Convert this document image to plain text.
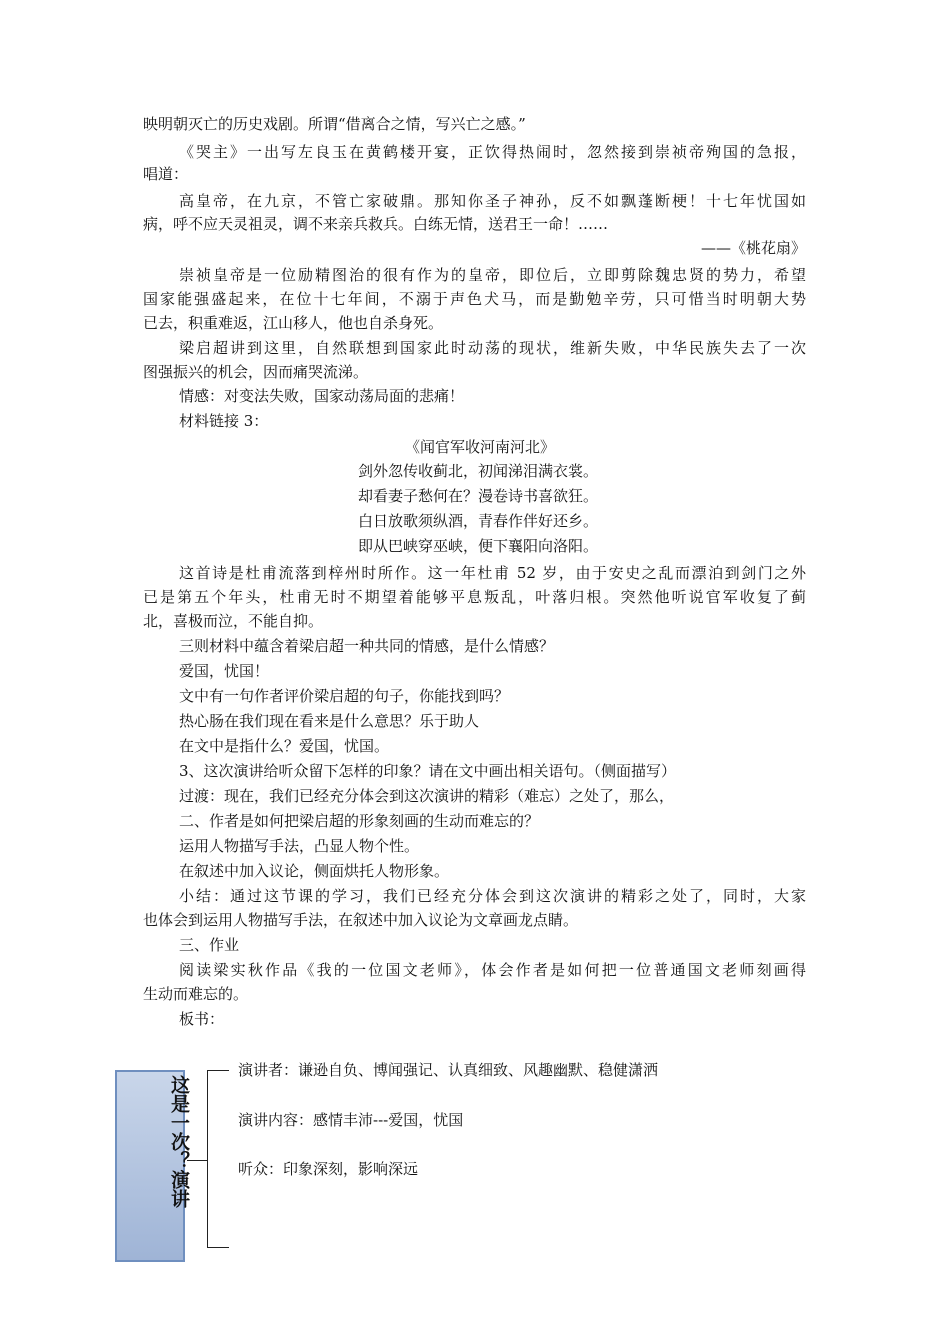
映明朝灭亡的历史戏剧。所谓“借离合之情，写兴亡之感。”
《哭主》一出写左良玉在黄鹤楼开宴，正饮得热闹时，忽然接到崇祯帝殉国的急报，
唱道：
高皇帝，在九京，不管亡家破鼎。那知你圣子神孙，反不如飘蓬断梗！十七年忧国如
病，呼不应天灵祖灵，调不来亲兵救兵。白练无情，送君王一命！……
——《桃花扇》
崇祯皇帝是一位励精图治的很有作为的皇帝，即位后，立即剪除魏忠贤的势力，希望
国家能强盛起来，在位十七年间，不溺于声色犬马，而是勤勉辛劳，只可惜当时明朝大势
已去，积重难返，江山移人，他也自杀身死。
梁启超讲到这里，自然联想到国家此时动荡的现状，维新失败，中华民族失去了一次
图强振兴的机会，因而痛哭流涕。
情感：对变法失败，国家动荡局面的悲痛！
材料链接 3：
《闻官军收河南河北》
剑外忽传收蓟北，初闻涕泪满衣裳。
却看妻子愁何在？漫卷诗书喜欲狂。
白日放歌须纵酒，青春作伴好还乡。
即从巴峡穿巫峡，便下襄阳向洛阳。
这首诗是杜甫流落到梓州时所作。这一年杜甫 52 岁，由于安史之乱而漂泊到剑门之外
已是第五个年头，杜甫无时不期望着能够平息叛乱，叶落归根。突然他听说官军收复了蓟
北，喜极而泣，不能自抑。
三则材料中蕴含着梁启超一种共同的情感，是什么情感？
爱国，忧国！
文中有一句作者评价梁启超的句子，你能找到吗？
热心肠在我们现在看来是什么意思？乐于助人
在文中是指什么？爱国，忧国。
3、这次演讲给听众留下怎样的印象？请在文中画出相关语句。（侧面描写）
过渡：现在，我们已经充分体会到这次演讲的精彩（难忘）之处了，那么，
二、作者是如何把梁启超的形象刻画的生动而难忘的？
运用人物描写手法，凸显人物个性。
在叙述中加入议论，侧面烘托人物形象。
小结：通过这节课的学习，我们已经充分体会到这次演讲的精彩之处了，同时，大家
也体会到运用人物描写手法，在叙述中加入议论为文章画龙点睛。
三、作业
阅读梁实秋作品《我的一位国文老师》，体会作者是如何把一位普通国文老师刻画得
生动而难忘的。
板书：
这是一次？演讲
演讲者：谦逊自负、博闻强记、认真细致、风趣幽默、稳健潇洒
演讲内容：感情丰沛---爱国，忧国
听众：印象深刻，影响深远
